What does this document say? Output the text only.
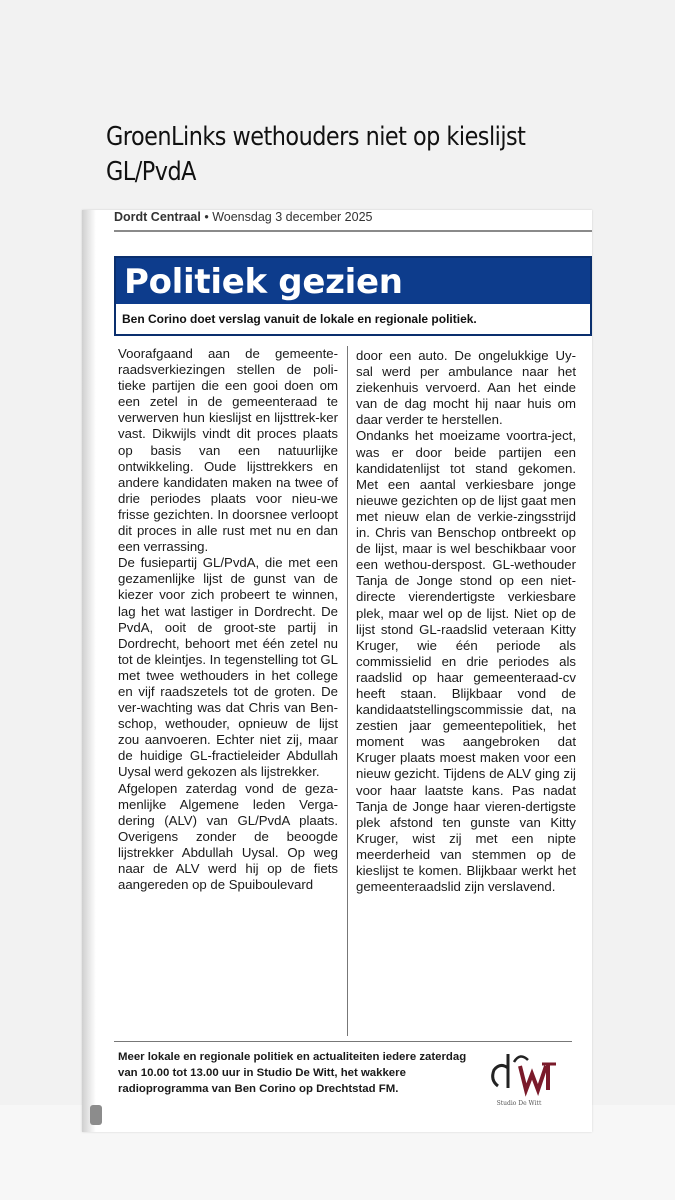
GroenLinks wethouders niet op kieslijst
GL/PvdA
Dordt Centraal • Woensdag 3 december 2025
Politiek gezien
Ben Corino doet verslag vanuit de lokale en regionale politiek.

Voorafgaand aan de gemeente-raadsverkiezingen stellen de poli-tieke partijen die een gooi doen om een zetel in de gemeenteraad te verwerven hun kieslijst en lijsttrek-ker vast. Dikwijls vindt dit proces plaats op basis van een natuurlijke ontwikkeling. Oude lijsttrekkers en andere kandidaten maken na twee of drie periodes plaats voor nieu-we frisse gezichten. In doorsnee verloopt dit proces in alle rust met nu en dan een verrassing.

De fusiepartij GL/PvdA, die met een gezamenlijke lijst de gunst van de kiezer voor zich probeert te winnen, lag het wat lastiger in Dordrecht. De PvdA, ooit de groot-ste partij in Dordrecht, behoort met één zetel nu tot de kleintjes. In tegenstelling tot GL met twee wethouders in het college en vijf raadszetels tot de groten. De ver-wachting was dat Chris van Ben-schop, wethouder, opnieuw de lijst zou aanvoeren. Echter niet zij, maar de huidige GL-fractieleider Abdullah Uysal werd gekozen als lijstrekker.

Afgelopen zaterdag vond de geza-menlijke Algemene leden Verga-dering (ALV) van GL/PvdA plaats. Overigens zonder de beoogde lijstrekker Abdullah Uysal. Op weg naar de ALV werd hij op de fiets aangereden op de Spuiboulevard

door een auto. De ongelukkige Uy-sal werd per ambulance naar het ziekenhuis vervoerd. Aan het einde van de dag mocht hij naar huis om daar verder te herstellen.

Ondanks het moeizame voortra-ject, was er door beide partijen een kandidatenlijst tot stand gekomen. Met een aantal verkiesbare jonge nieuwe gezichten op de lijst gaat men met nieuw elan de verkie-zingsstrijd in. Chris van Benschop ontbreekt op de lijst, maar is wel beschikbaar voor een wethou-derspost. GL-wethouder Tanja de Jonge stond op een niet-directe vierendertigste verkiesbare plek, maar wel op de lijst. Niet op de lijst stond GL-raadslid veteraan Kitty Kruger, wie één periode als commissielid en drie periodes als raadslid op haar gemeenteraad-cv heeft staan. Blijkbaar vond de kandidaatstellingscommissie dat, na zestien jaar gemeentepolitiek, het moment was aangebroken dat Kruger plaats moest maken voor een nieuw gezicht. Tijdens de ALV ging zij voor haar laatste kans. Pas nadat Tanja de Jonge haar vieren-dertigste plek afstond ten gunste van Kitty Kruger, wist zij met een nipte meerderheid van stemmen op de kieslijst te komen. Blijkbaar werkt het gemeenteraadslid zijn verslavend.

Meer lokale en regionale politiek en actualiteiten iedere zaterdag van 10.00 tot 13.00 uur in Studio De Witt, het wakkere radioprogramma van Ben Corino op Drechtstad FM.
Studio De Witt
